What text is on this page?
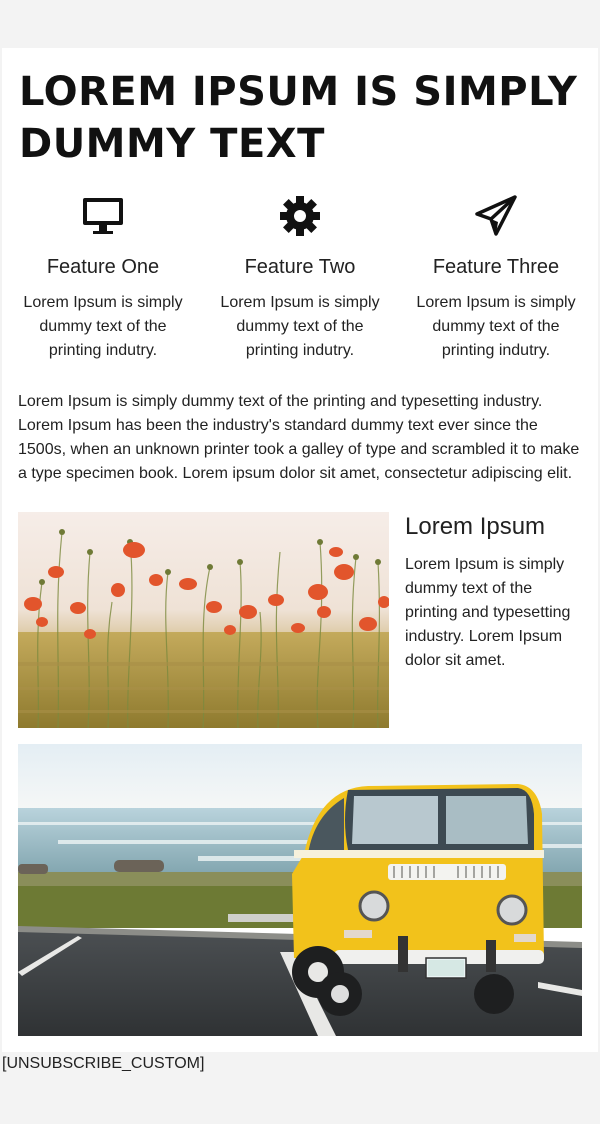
LOREM IPSUM IS SIMPLY DUMMY TEXT
Feature One
Lorem Ipsum is simply dummy text of the printing indutry.
Feature Two
Lorem Ipsum is simply dummy text of the printing indutry.
Feature Three
Lorem Ipsum is simply dummy text of the printing indutry.

Lorem Ipsum is simply dummy text of the printing and typesetting industry. Lorem Ipsum has been the industry's standard dummy text ever since the 1500s, when an unknown printer took a galley of type and scrambled it to make a type specimen book. Lorem ipsum dolor sit amet, consectetur adipiscing elit.

Lorem Ipsum
Lorem Ipsum is simply dummy text of the printing and typesetting industry. Lorem Ipsum dolor sit amet.
[UNSUBSCRIBE_CUSTOM]
